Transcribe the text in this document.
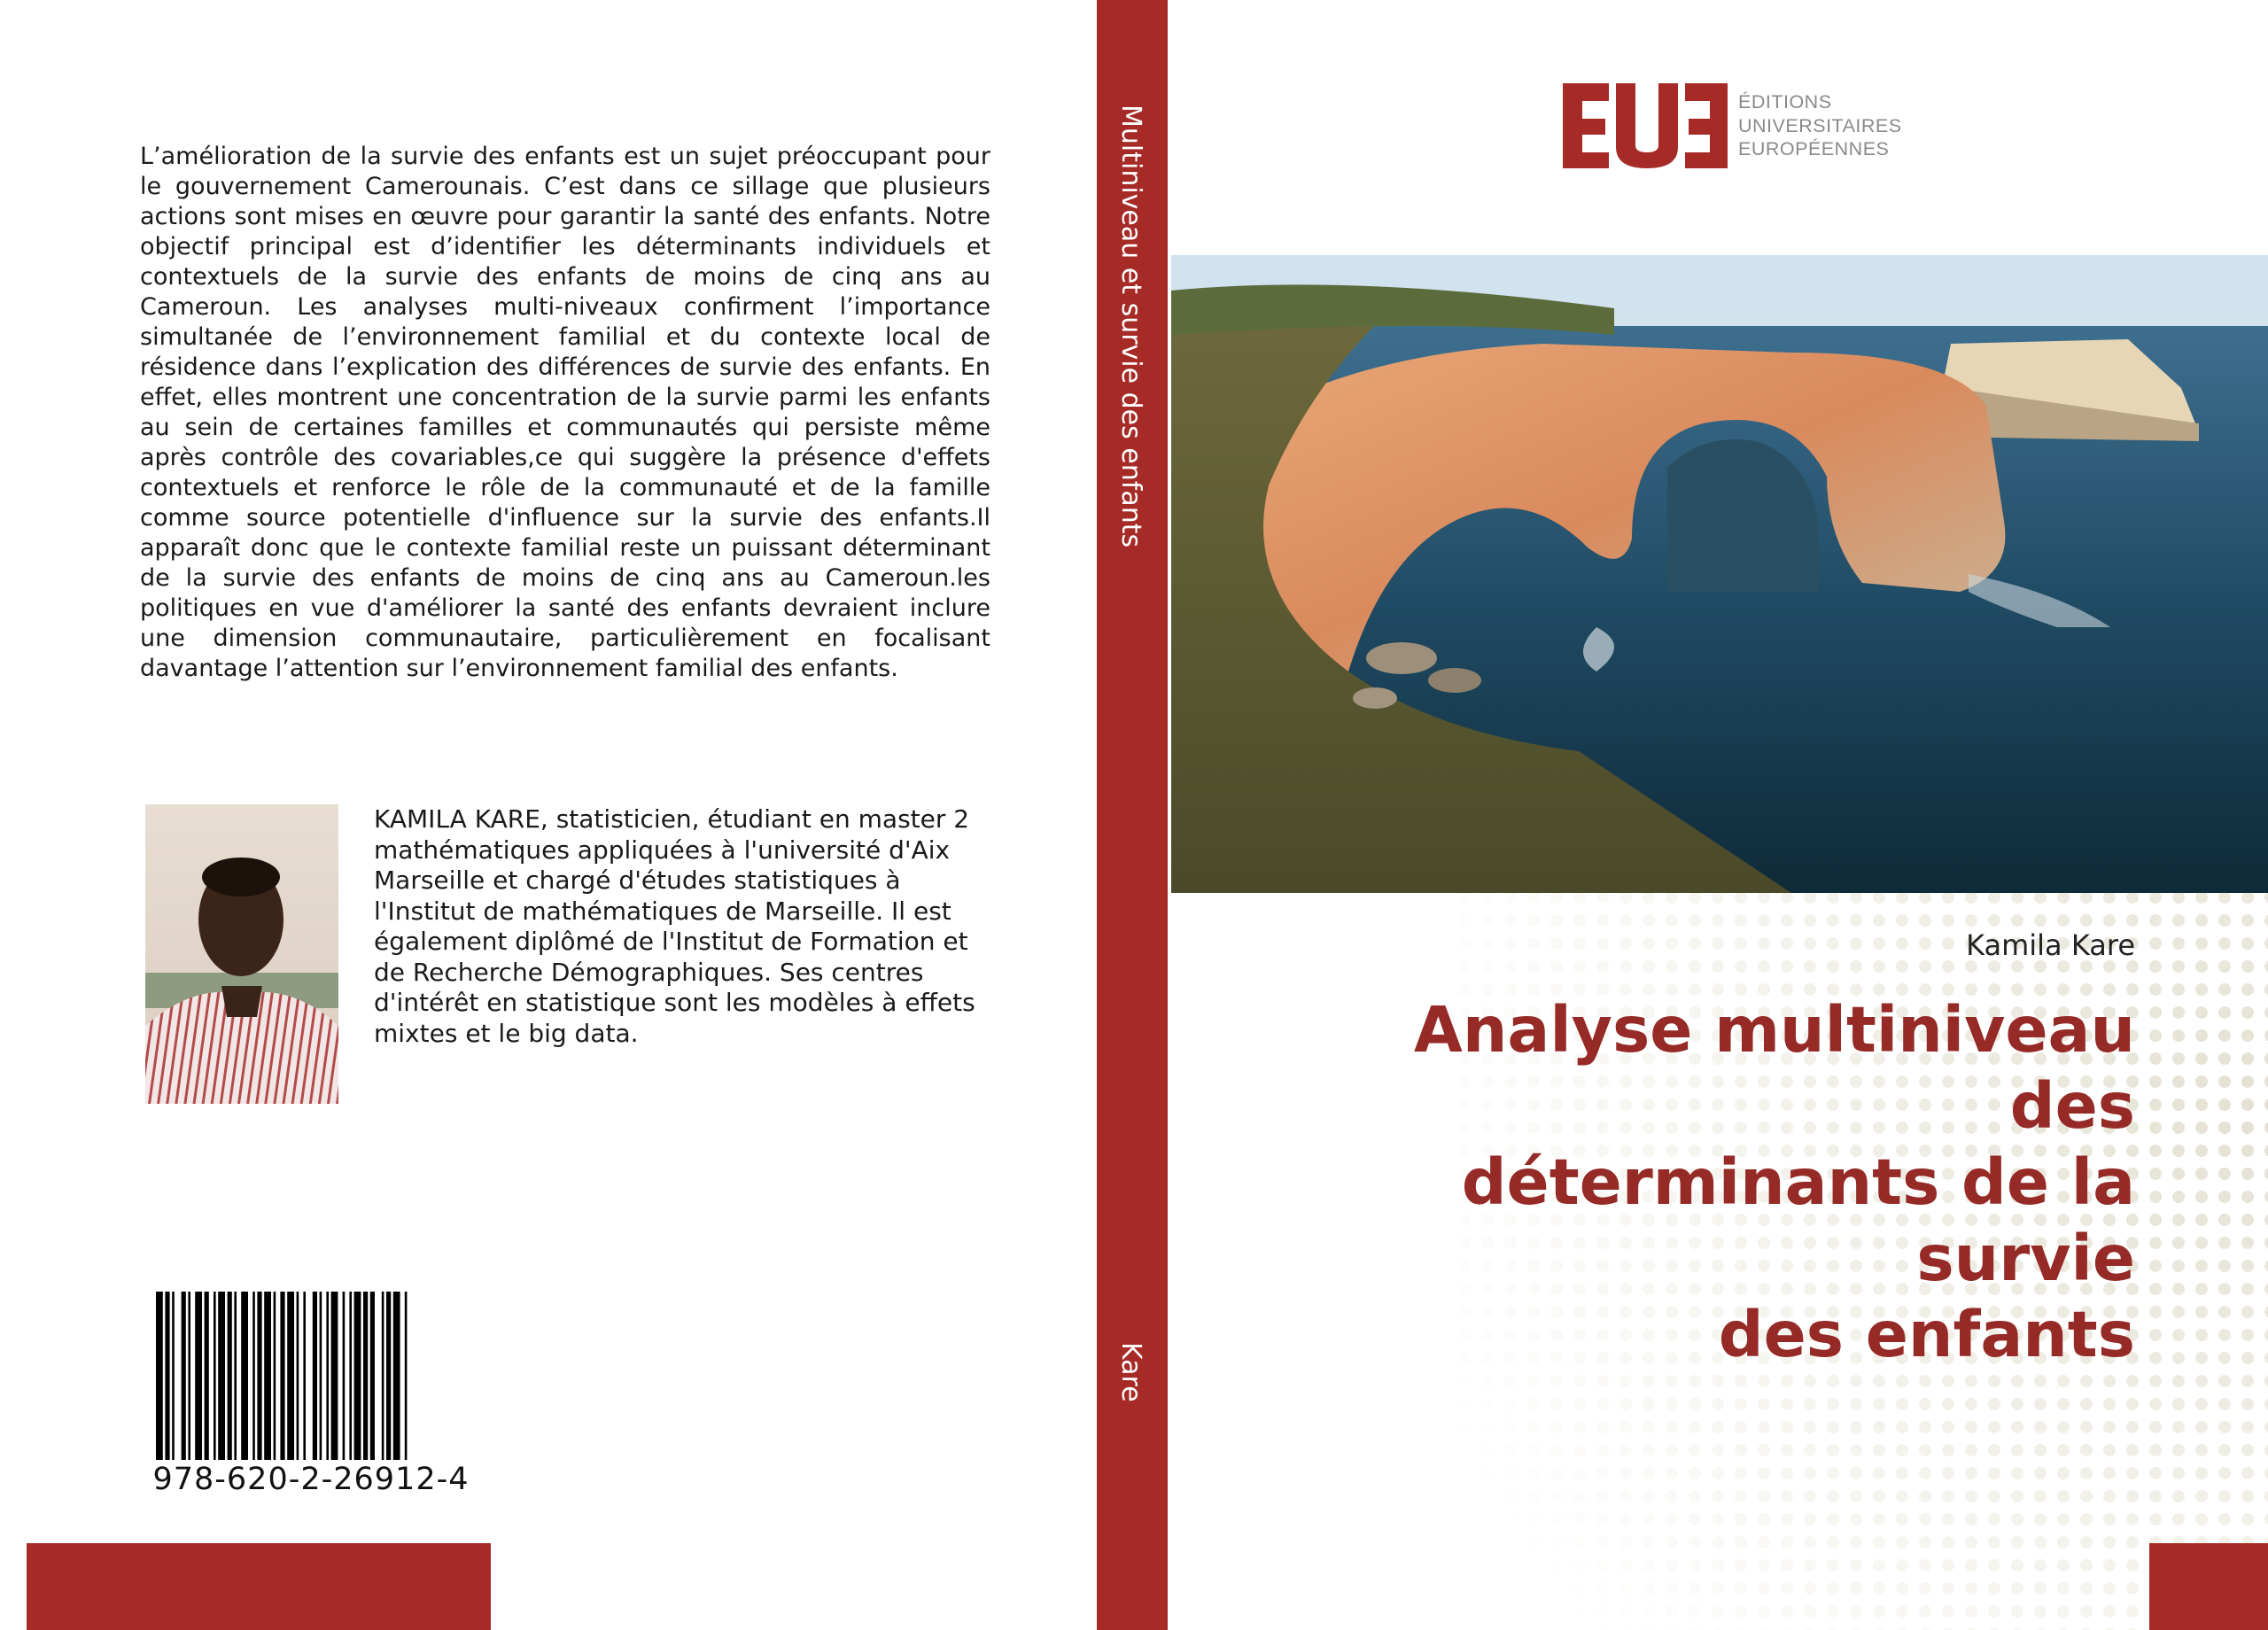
L’amélioration de la survie des enfants est un sujet préoccupant pour le gouvernement Camerounais. C’est dans ce sillage que plusieurs actions sont mises en œuvre pour garantir la santé des enfants. Notre objectif principal est d’identifier les déterminants individuels et contextuels de la survie des enfants de moins de cinq ans au Cameroun. Les analyses multi-niveaux confirment l’importance simultanée de l’environnement familial et du contexte local de résidence dans l’explication des différences de survie des enfants. En effet, elles montrent une concentration de la survie parmi les enfants au sein de certaines familles et communautés qui persiste même après contrôle des covariables,ce qui suggère la présence d'effets contextuels et renforce le rôle de la communauté et de la famille comme source potentielle d'influence sur la survie des enfants.Il apparaît donc que le contexte familial reste un puissant déterminant de la survie des enfants de moins de cinq ans au Cameroun.les politiques en vue d'améliorer la santé des enfants devraient inclure une dimension communautaire, particulièrement en focalisant davantage l’attention sur l’environnement familial des enfants.

KAMILA KARE, statisticien, étudiant en master 2 mathématiques appliquées à l'université d'Aix Marseille et chargé d'études statistiques à l'Institut de mathématiques de Marseille. Il est également diplômé de l'Institut de Formation et de Recherche Démographiques. Ses centres d'intérêt en statistique sont les modèles à effets mixtes et le big data.

978-620-2-26912-4
Multiniveau et survie des enfants
Kare
ÉDITIONS
UNIVERSITAIRES
EUROPÉENNES
Kamila Kare
Analyse multiniveau des
déterminants de la survie
des enfants
